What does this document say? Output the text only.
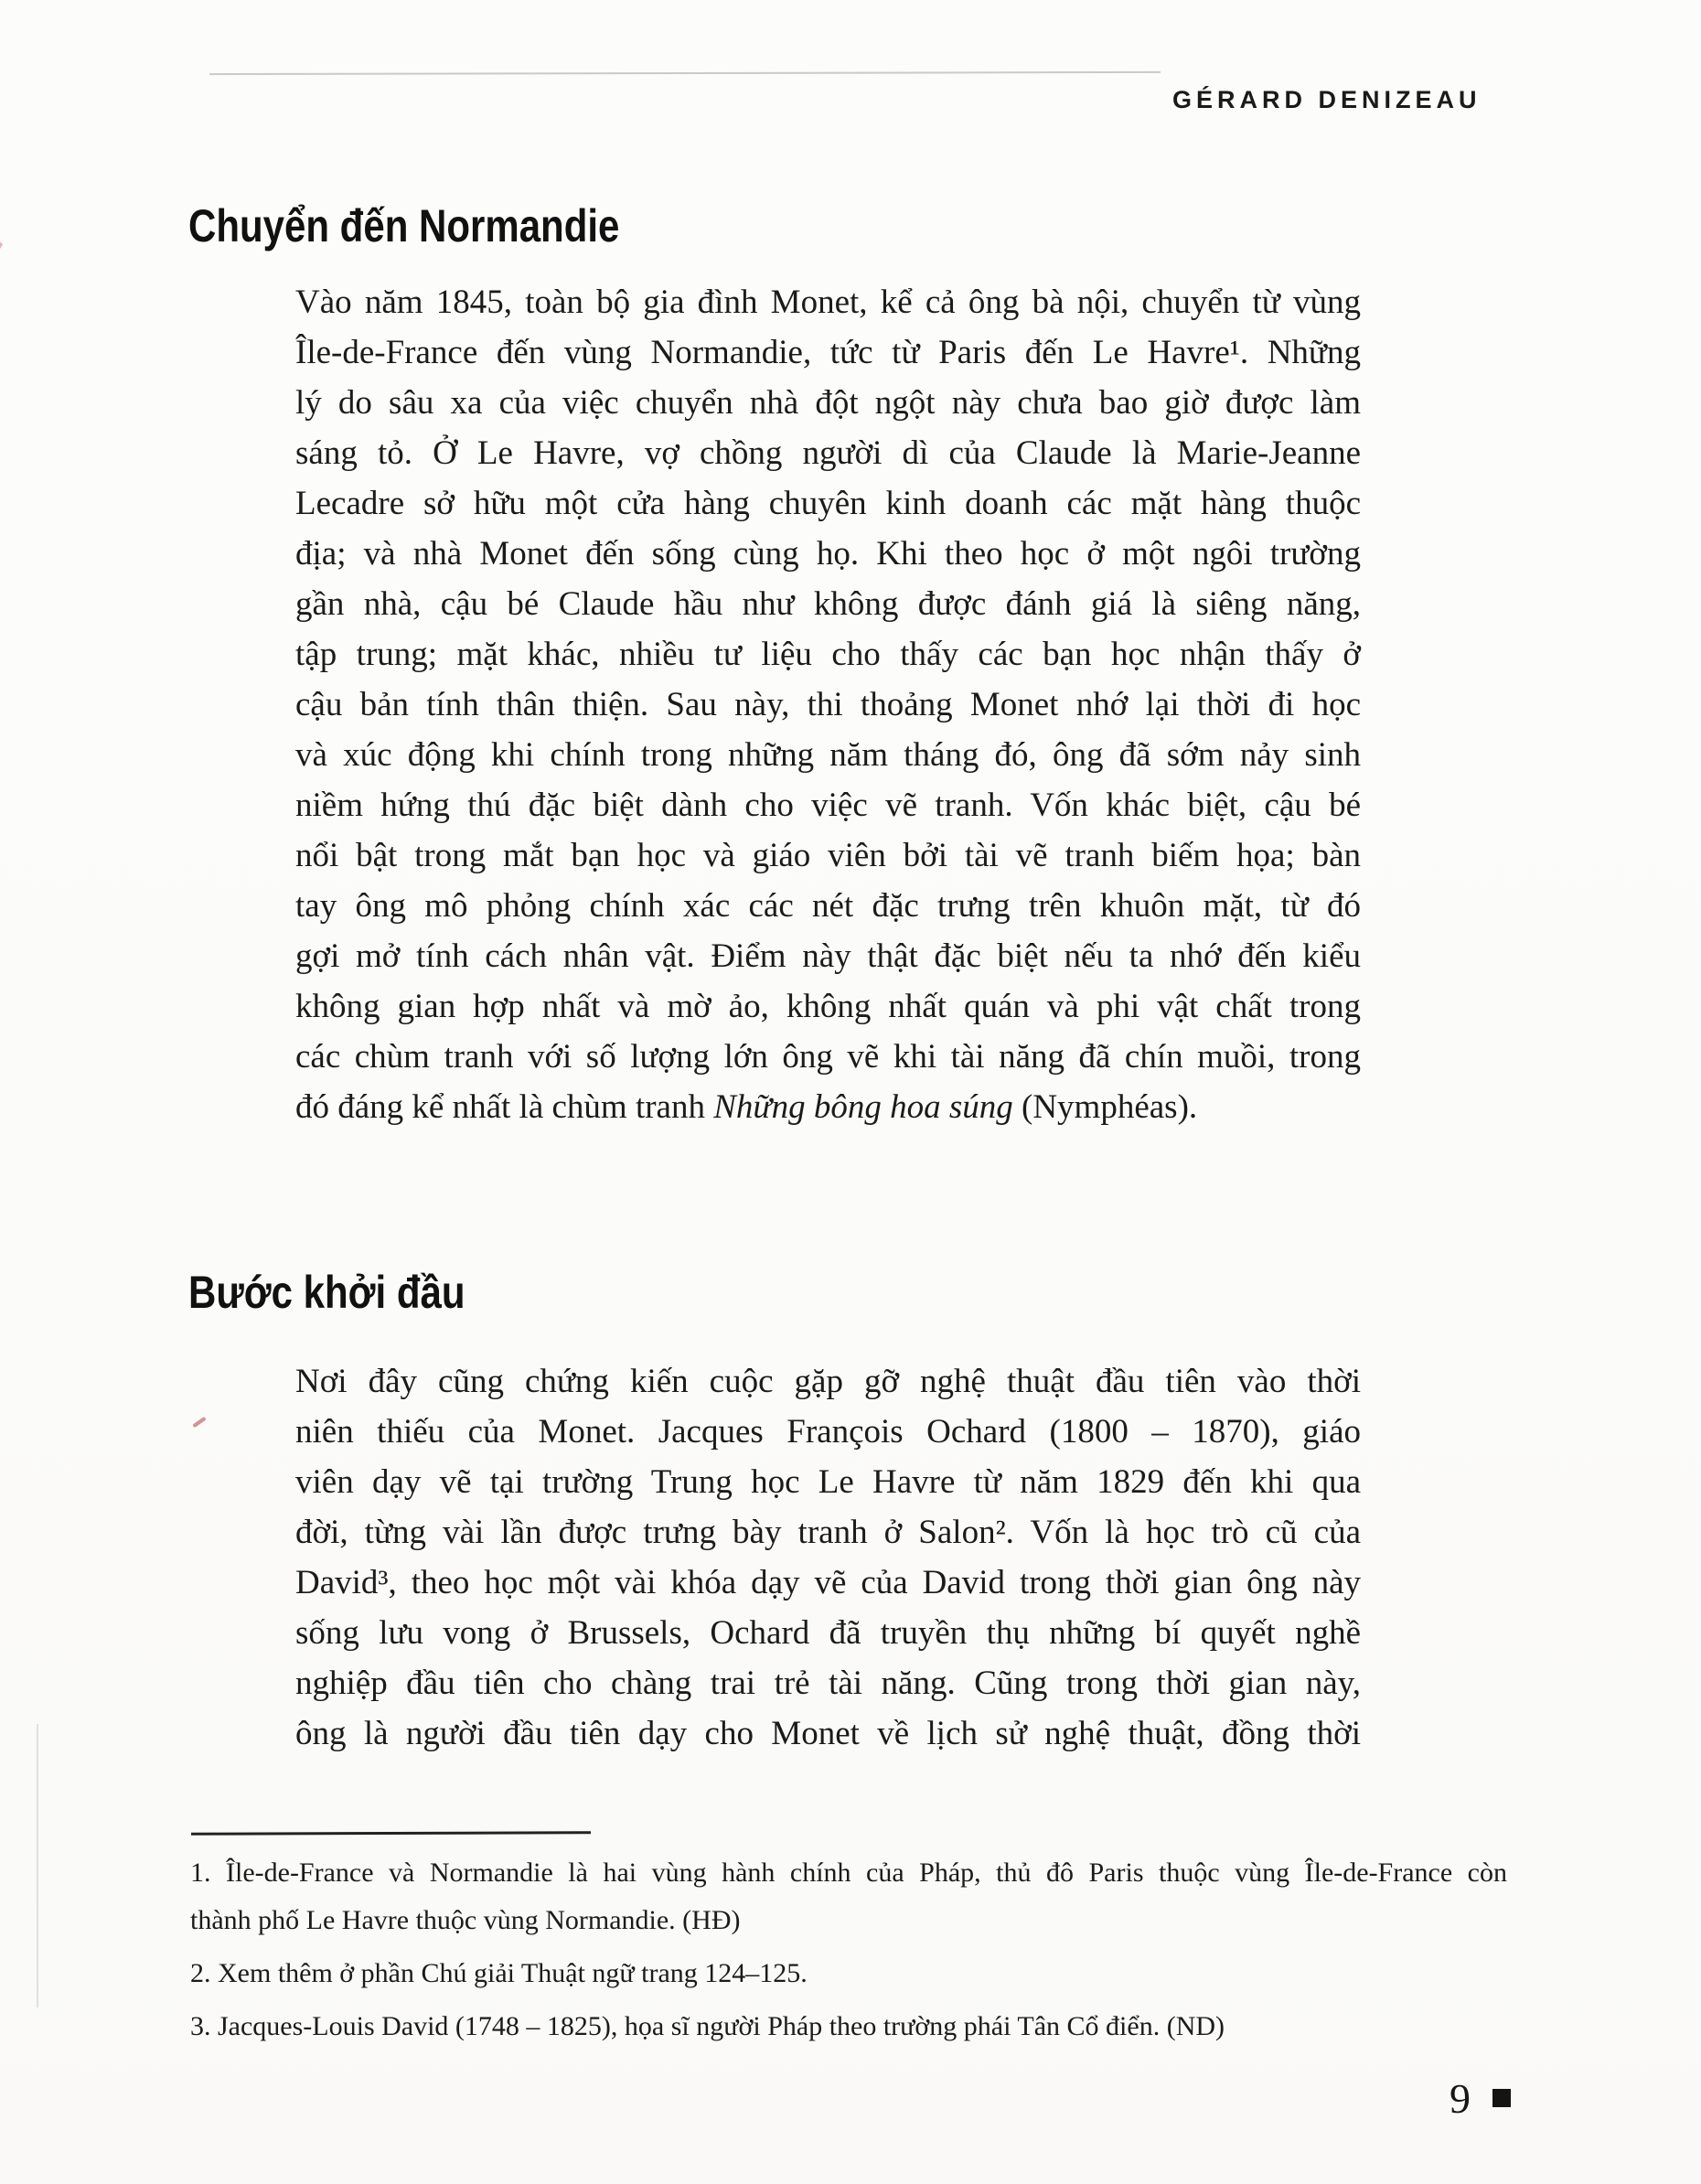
GÉRARD DENIZEAU
Chuyển đến Normandie
Vào năm 1845, toàn bộ gia đình Monet, kể cả ông bà nội, chuyển từ vùng
Île-de-France đến vùng Normandie, tức từ Paris đến Le Havre¹. Những
lý do sâu xa của việc chuyển nhà đột ngột này chưa bao giờ được làm
sáng tỏ. Ở Le Havre, vợ chồng người dì của Claude là Marie-Jeanne
Lecadre sở hữu một cửa hàng chuyên kinh doanh các mặt hàng thuộc
địa; và nhà Monet đến sống cùng họ. Khi theo học ở một ngôi trường
gần nhà, cậu bé Claude hầu như không được đánh giá là siêng năng,
tập trung; mặt khác, nhiều tư liệu cho thấy các bạn học nhận thấy ở
cậu bản tính thân thiện. Sau này, thi thoảng Monet nhớ lại thời đi học
và xúc động khi chính trong những năm tháng đó, ông đã sớm nảy sinh
niềm hứng thú đặc biệt dành cho việc vẽ tranh. Vốn khác biệt, cậu bé
nổi bật trong mắt bạn học và giáo viên bởi tài vẽ tranh biếm họa; bàn
tay ông mô phỏng chính xác các nét đặc trưng trên khuôn mặt, từ đó
gợi mở tính cách nhân vật. Điểm này thật đặc biệt nếu ta nhớ đến kiểu
không gian hợp nhất và mờ ảo, không nhất quán và phi vật chất trong
các chùm tranh với số lượng lớn ông vẽ khi tài năng đã chín muồi, trong
đó đáng kể nhất là chùm tranh Những bông hoa súng (Nymphéas).
Bước khởi đầu
Nơi đây cũng chứng kiến cuộc gặp gỡ nghệ thuật đầu tiên vào thời
niên thiếu của Monet. Jacques François Ochard (1800 – 1870), giáo
viên dạy vẽ tại trường Trung học Le Havre từ năm 1829 đến khi qua
đời, từng vài lần được trưng bày tranh ở Salon². Vốn là học trò cũ của
David³, theo học một vài khóa dạy vẽ của David trong thời gian ông này
sống lưu vong ở Brussels, Ochard đã truyền thụ những bí quyết nghề
nghiệp đầu tiên cho chàng trai trẻ tài năng. Cũng trong thời gian này,
ông là người đầu tiên dạy cho Monet về lịch sử nghệ thuật, đồng thời
1. Île-de-France và Normandie là hai vùng hành chính của Pháp, thủ đô Paris thuộc vùng Île-de-France còn
thành phố Le Havre thuộc vùng Normandie. (HĐ)
2. Xem thêm ở phần Chú giải Thuật ngữ trang 124–125.
3. Jacques-Louis David (1748 – 1825), họa sĩ người Pháp theo trường phái Tân Cổ điển. (ND)
9
